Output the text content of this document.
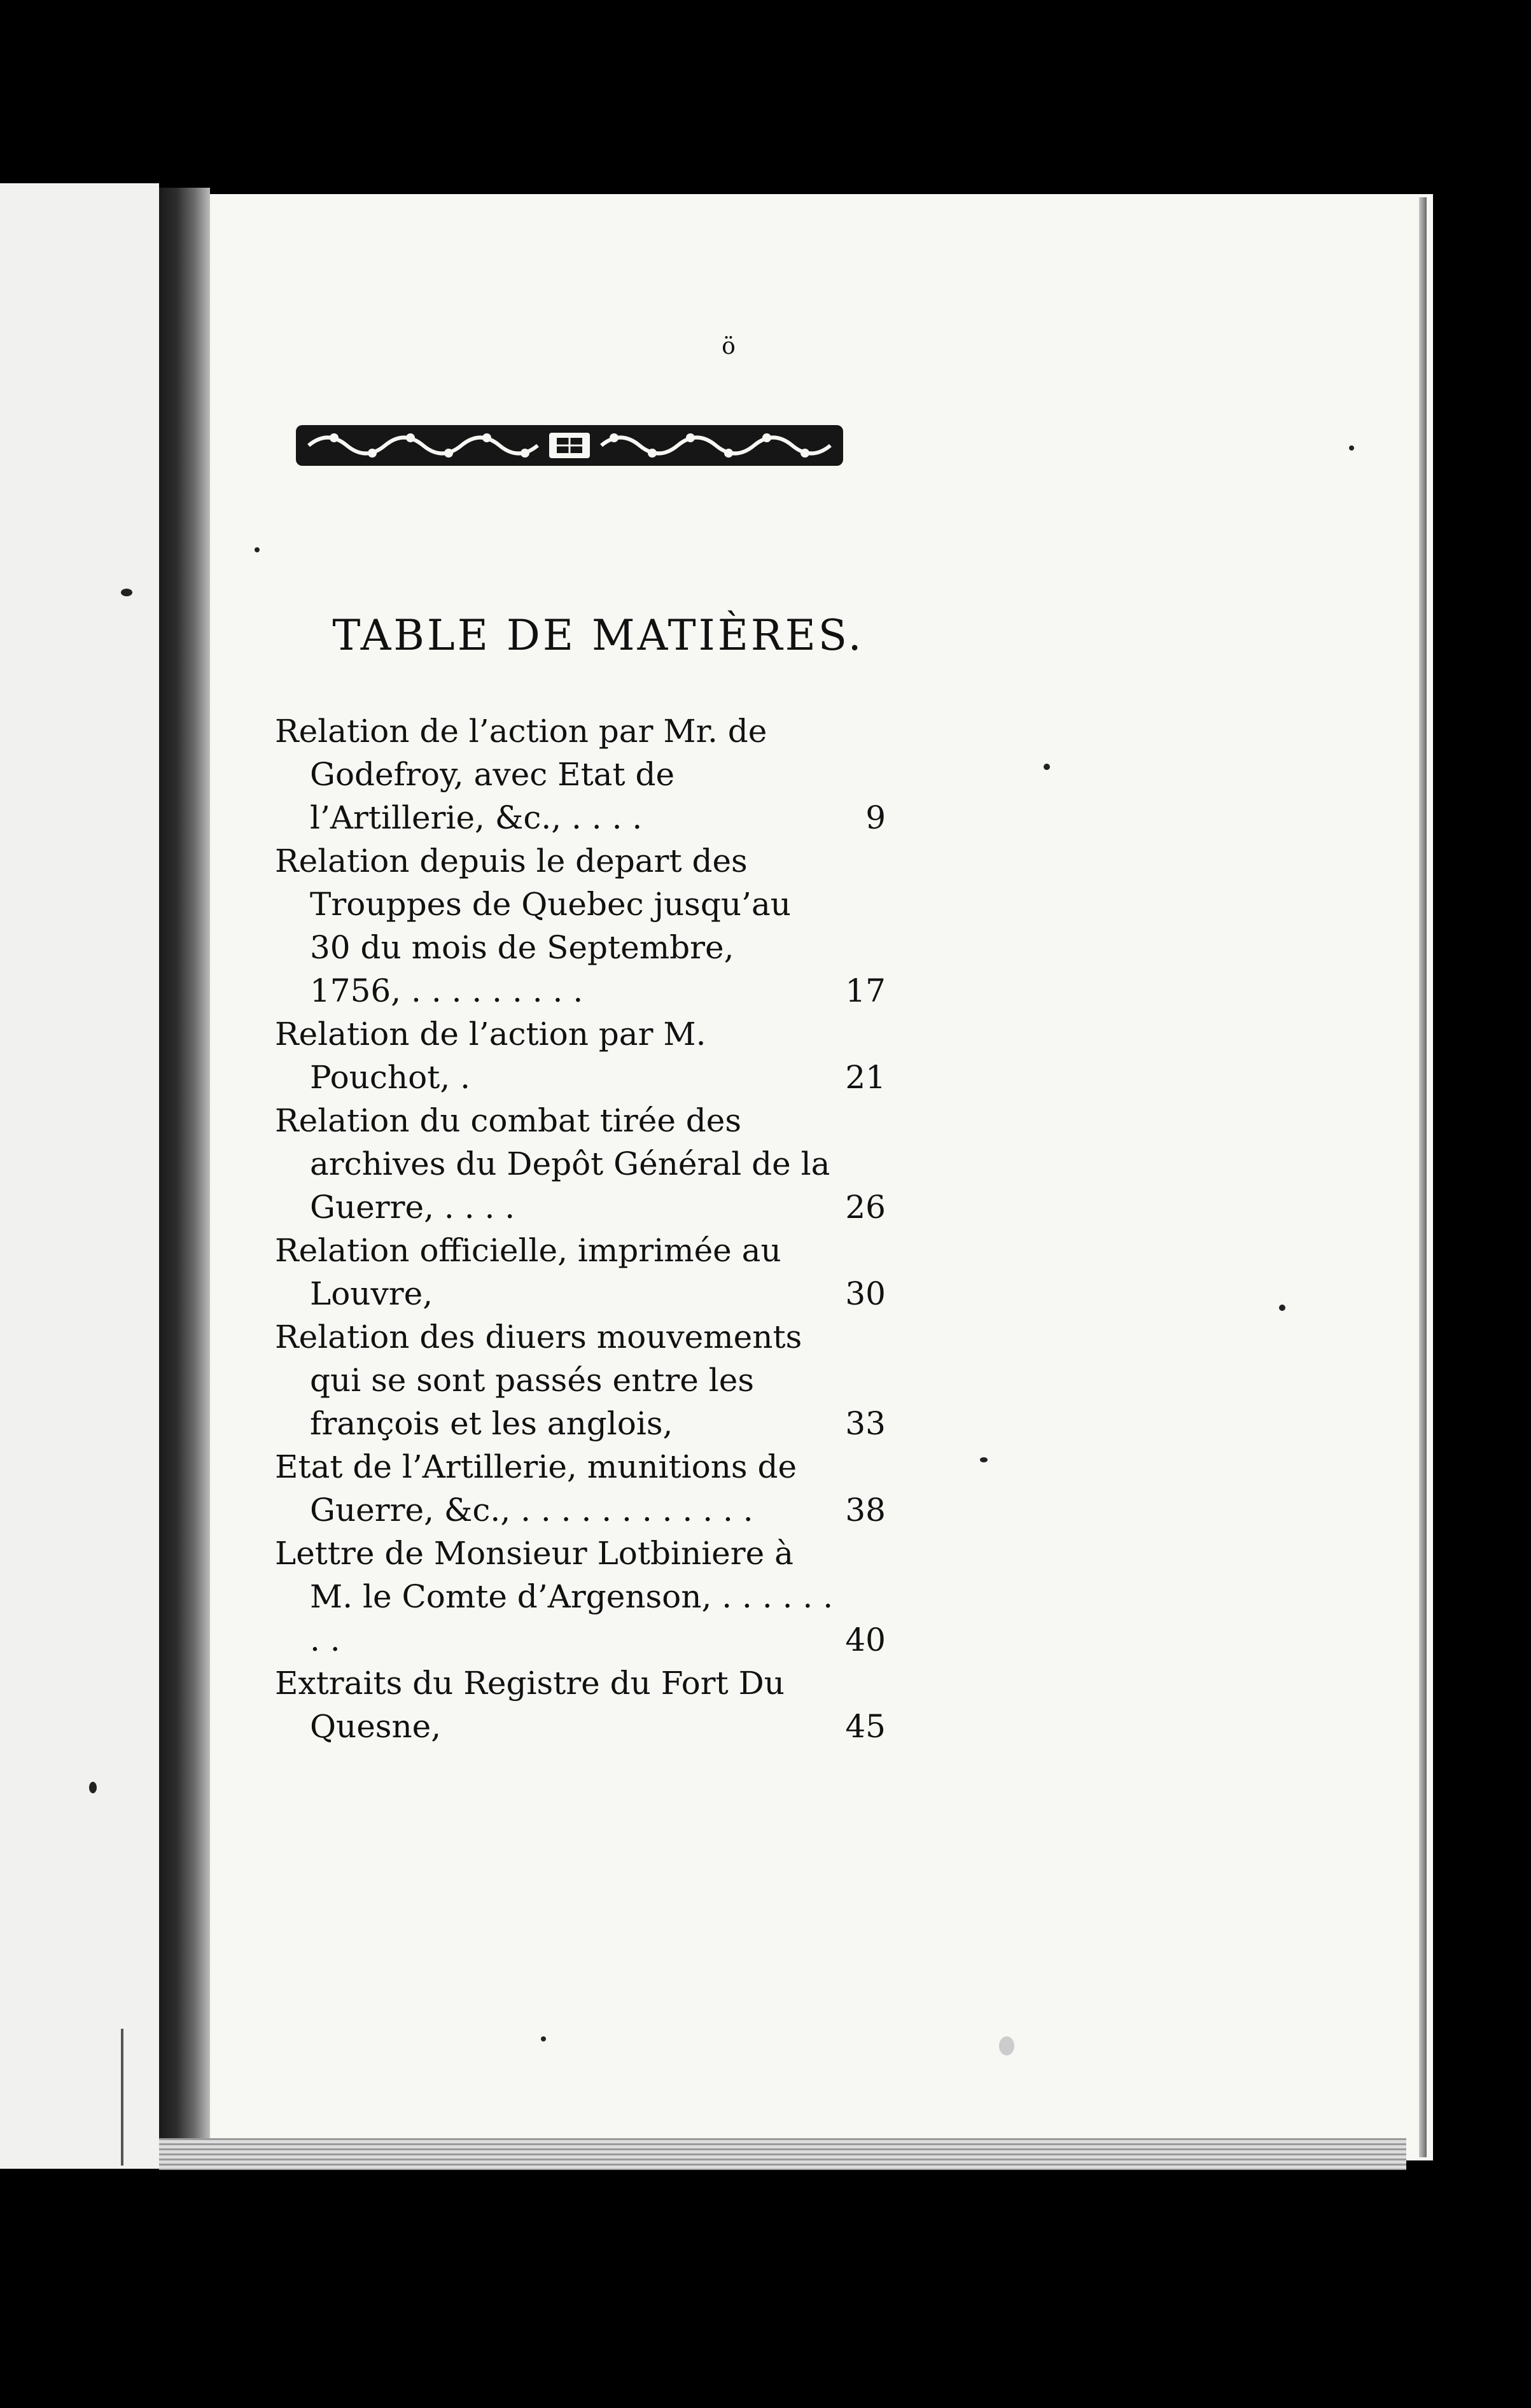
ö
TABLE DE MATIÈRES.
Relation de l’action par Mr. de Godefroy, avec Etat de l’Artillerie, &c., . . . .	9
Relation depuis le depart des Trouppes de Quebec jusqu’au 30 du mois de Septembre, 1756, . . . . . . . . .	17
Relation de l’action par M. Pouchot, .	21
Relation du combat tirée des archives du Depôt Général de la Guerre, . . . .	26
Relation officielle, imprimée au Louvre,	30
Relation des diuers mouvements qui se sont passés entre les françois et les anglois,	33
Etat de l’Artillerie, munitions de Guerre, &c., . . . . . . . . . . . .	38
Lettre de Monsieur Lotbiniere à M. le Comte d’Argenson, . . . . . . . .	40
Extraits du Registre du Fort Du Quesne,	45
